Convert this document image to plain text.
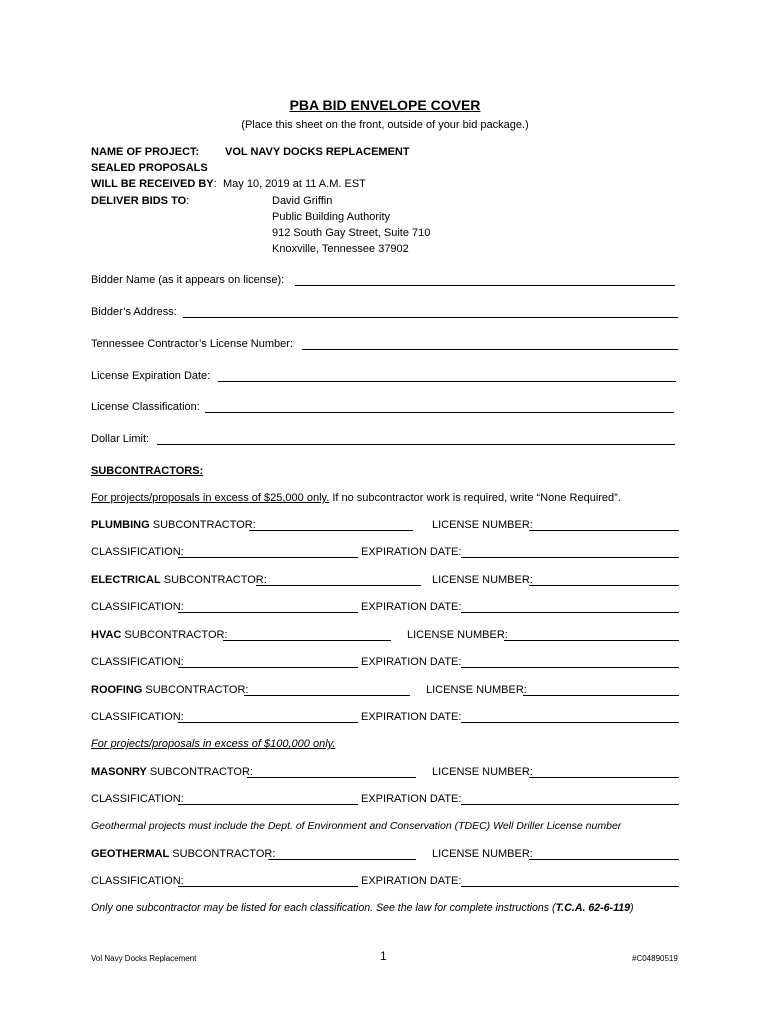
PBA BID ENVELOPE COVER
(Place this sheet on the front, outside of your bid package.)
NAME OF PROJECT: VOL NAVY DOCKS REPLACEMENT
SEALED PROPOSALS
WILL BE RECEIVED BY: May 10, 2019 at 11 A.M. EST
DELIVER BIDS TO:	David Griffin
Public Building Authority
912 South Gay Street, Suite 710
Knoxville, Tennessee 37902
Bidder Name (as it appears on license):
Bidder’s Address:
Tennessee Contractor’s License Number:
License Expiration Date:
License Classification:
Dollar Limit:
SUBCONTRACTORS:
For projects/proposals in excess of $25,000 only. If no subcontractor work is required, write “None Required”.
PLUMBING SUBCONTRACTOR:	LICENSE NUMBER:
CLASSIFICATION:	EXPIRATION DATE:
ELECTRICAL SUBCONTRACTOR:	LICENSE NUMBER:
CLASSIFICATION:	EXPIRATION DATE:
HVAC SUBCONTRACTOR:	LICENSE NUMBER:
CLASSIFICATION:	EXPIRATION DATE:
ROOFING SUBCONTRACTOR:	LICENSE NUMBER:
CLASSIFICATION:	EXPIRATION DATE:
For projects/proposals in excess of $100,000 only.
MASONRY SUBCONTRACTOR:	LICENSE NUMBER:
CLASSIFICATION:	EXPIRATION DATE:
Geothermal projects must include the Dept. of Environment and Conservation (TDEC) Well Driller License number
GEOTHERMAL SUBCONTRACTOR:	LICENSE NUMBER:
CLASSIFICATION:	EXPIRATION DATE:
Only one subcontractor may be listed for each classification. See the law for complete instructions (T.C.A. 62-6-119)
Vol Navy Docks Replacement	1	#C04890519
